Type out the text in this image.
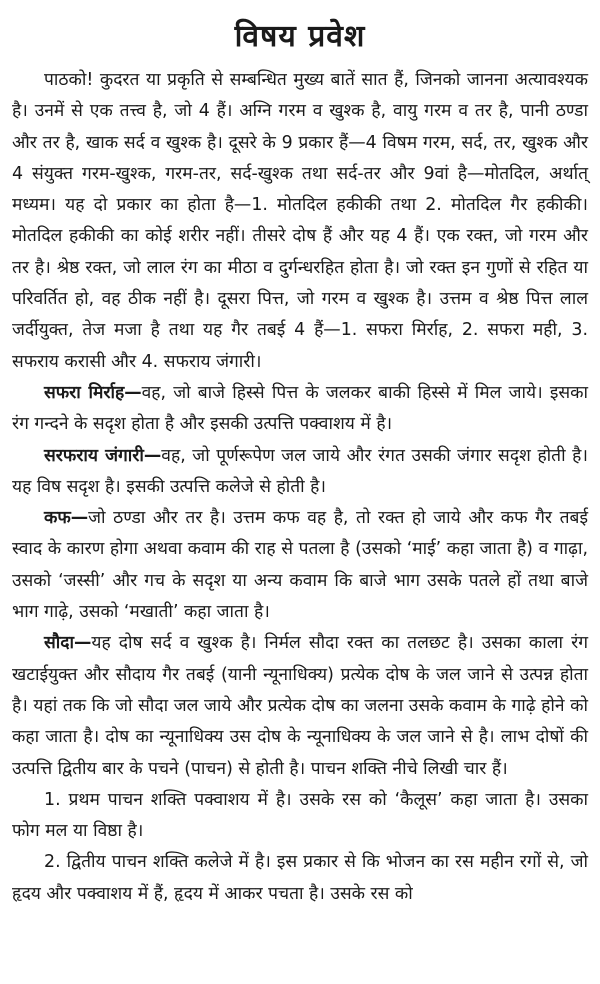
विषय प्रवेश

पाठको! कुदरत या प्रकृति से सम्बन्धित मुख्य बातें सात हैं, जिनको जानना अत्यावश्यक है। उनमें से एक तत्त्व है, जो 4 हैं। अग्नि गरम व खुश्क है, वायु गरम व तर है, पानी ठण्डा और तर है, खाक सर्द व खुश्क है। दूसरे के 9 प्रकार हैं—4 विषम गरम, सर्द, तर, खुश्क और 4 संयुक्त गरम-खुश्क, गरम-तर, सर्द-खुश्क तथा सर्द-तर और 9वां है—मोतदिल, अर्थात् मध्यम। यह दो प्रकार का होता है—1. मोतदिल हकीकी तथा 2. मोतदिल गैर हकीकी। मोतदिल हकीकी का कोई शरीर नहीं। तीसरे दोष हैं और यह 4 हैं। एक रक्त, जो गरम और तर है। श्रेष्ठ रक्त, जो लाल रंग का मीठा व दुर्गन्धरहित होता है। जो रक्त इन गुणों से रहित या परिवर्तित हो, वह ठीक नहीं है। दूसरा पित्त, जो गरम व खुश्क है। उत्तम व श्रेष्ठ पित्त लाल जर्दीयुक्त, तेज मजा है तथा यह गैर तबई 4 हैं—1. सफरा मिर्राह, 2. सफरा मही, 3. सफराय करासी और 4. सफराय जंगारी।

सफरा मिर्राह—वह, जो बाजे हिस्से पित्त के जलकर बाकी हिस्से में मिल जाये। इसका रंग गन्दने के सदृश होता है और इसकी उत्पत्ति पक्वाशय में है।

सरफराय जंगारी—वह, जो पूर्णरूपेण जल जाये और रंगत उसकी जंगार सदृश होती है। यह विष सदृश है। इसकी उत्पत्ति कलेजे से होती है।

कफ—जो ठण्डा और तर है। उत्तम कफ वह है, तो रक्त हो जाये और कफ गैर तबई स्वाद के कारण होगा अथवा कवाम की राह से पतला है (उसको ‘माई’ कहा जाता है) व गाढ़ा, उसको ‘जस्सी’ और गच के सदृश या अन्य कवाम कि बाजे भाग उसके पतले हों तथा बाजे भाग गाढ़े, उसको ‘मखाती’ कहा जाता है।

सौदा—यह दोष सर्द व खुश्क है। निर्मल सौदा रक्त का तलछट है। उसका काला रंग खटाईयुक्त और सौदाय गैर तबई (यानी न्यूनाधिक्य) प्रत्येक दोष के जल जाने से उत्पन्न होता है। यहां तक कि जो सौदा जल जाये और प्रत्येक दोष का जलना उसके कवाम के गाढ़े होने को कहा जाता है। दोष का न्यूनाधिक्य उस दोष के न्यूनाधिक्य के जल जाने से है। लाभ दोषों की उत्पत्ति द्वितीय बार के पचने (पाचन) से होती है। पाचन शक्ति नीचे लिखी चार हैं।

1. प्रथम पाचन शक्ति पक्वाशय में है। उसके रस को ‘कैलूस’ कहा जाता है। उसका फोग मल या विष्ठा है।

2. द्वितीय पाचन शक्ति कलेजे में है। इस प्रकार से कि भोजन का रस महीन रगों से, जो हृदय और पक्वाशय में हैं, हृदय में आकर पचता है। उसके रस को
